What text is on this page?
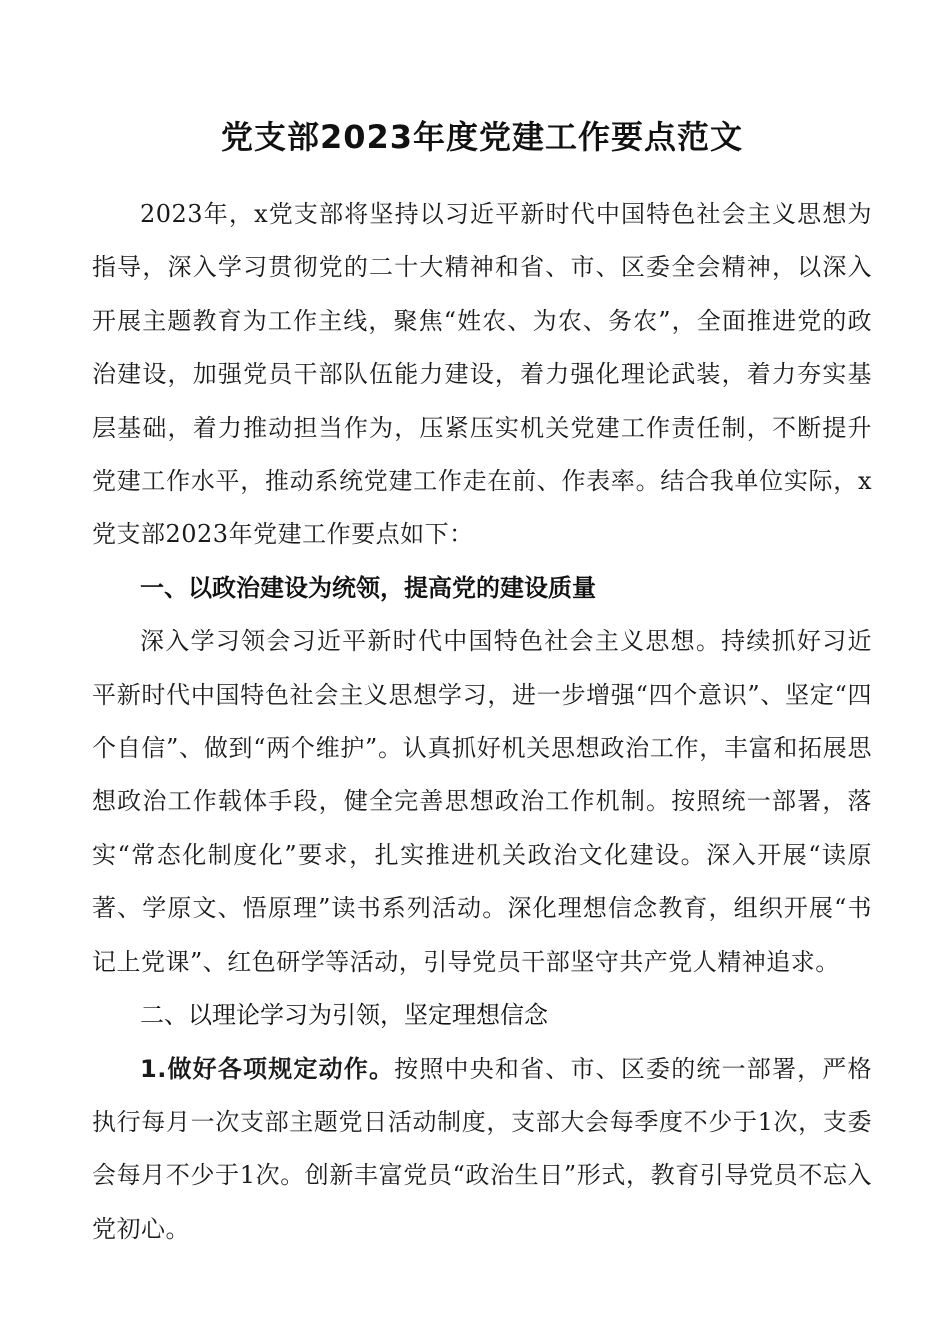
党支部2023年度党建工作要点范文

2023年，x党支部将坚持以习近平新时代中国特色社会主义思想为指导，深入学习贯彻党的二十大精神和省、市、区委全会精神，以深入开展主题教育为工作主线，聚焦“姓农、为农、务农”，全面推进党的政治建设，加强党员干部队伍能力建设，着力强化理论武装，着力夯实基层基础，着力推动担当作为，压紧压实机关党建工作责任制，不断提升党建工作水平，推动系统党建工作走在前、作表率。结合我单位实际，x党支部2023年党建工作要点如下：

一、以政治建设为统领，提高党的建设质量

深入学习领会习近平新时代中国特色社会主义思想。持续抓好习近平新时代中国特色社会主义思想学习，进一步增强“四个意识”、坚定“四个自信”、做到“两个维护”。认真抓好机关思想政治工作，丰富和拓展思想政治工作载体手段，健全完善思想政治工作机制。按照统一部署，落实“常态化制度化”要求，扎实推进机关政治文化建设。深入开展“读原著、学原文、悟原理”读书系列活动。深化理想信念教育，组织开展“书记上党课”、红色研学等活动，引导党员干部坚守共产党人精神追求。

二、以理论学习为引领，坚定理想信念

1.做好各项规定动作。按照中央和省、市、区委的统一部署，严格执行每月一次支部主题党日活动制度，支部大会每季度不少于1次，支委会每月不少于1次。创新丰富党员“政治生日”形式，教育引导党员不忘入党初心。
